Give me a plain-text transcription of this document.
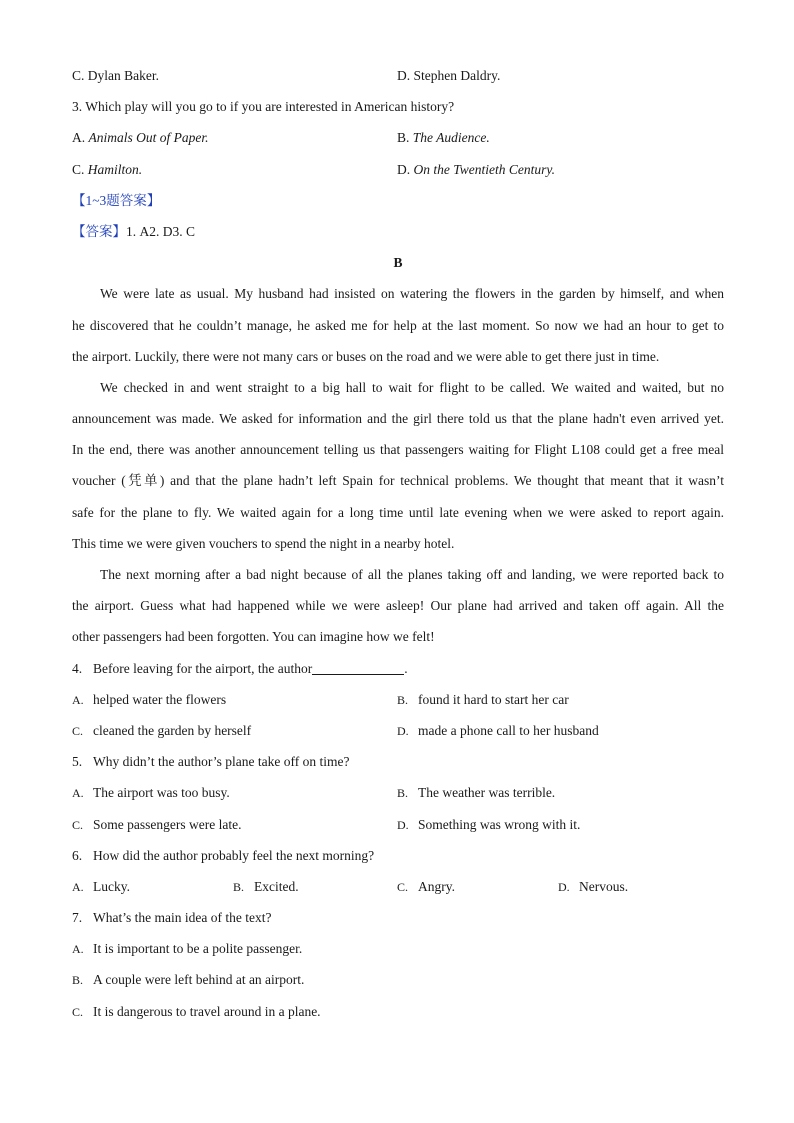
C. Dylan Baker.	D. Stephen Daldry.
3. Which play will you go to if you are interested in American history?
A. Animals Out of Paper.	B. The Audience.
C. Hamilton.	D. On the Twentieth Century.
【1~3题答案】
【答案】1. A2. D3. C
B
We were late as usual. My husband had insisted on watering the flowers in the garden by himself, and when
he discovered that he couldn’t manage, he asked me for help at the last moment. So now we had an hour to get to
the airport. Luckily, there were not many cars or buses on the road and we were able to get there just in time.
We checked in and went straight to a big hall to wait for flight to be called. We waited and waited, but no
announcement was made. We asked for information and the girl there told us that the plane hadn't even arrived yet.
In the end, there was another announcement telling us that passengers waiting for Flight L108 could get a free meal
voucher (凭单) and that the plane hadn’t left Spain for technical problems. We thought that meant that it wasn’t
safe for the plane to fly. We waited again for a long time until late evening when we were asked to report again.
This time we were given vouchers to spend the night in a nearby hotel.
The next morning after a bad night because of all the planes taking off and landing, we were reported back to
the airport. Guess what had happened while we were asleep! Our plane had arrived and taken off again. All the
other passengers had been forgotten. You can imagine how we felt!
4. Before leaving for the airport, the author	.
A. helped water the flowers	B. found it hard to start her car
C. cleaned the garden by herself	D. made a phone call to her husband
5. Why didn’t the author’s plane take off on time?
A. The airport was too busy.	B. The weather was terrible.
C. Some passengers were late.	D. Something was wrong with it.
6. How did the author probably feel the next morning?
A. Lucky.	B. Excited.	C. Angry.	D. Nervous.
7. What’s the main idea of the text?
A. It is important to be a polite passenger.
B. A couple were left behind at an airport.
C. It is dangerous to travel around in a plane.
